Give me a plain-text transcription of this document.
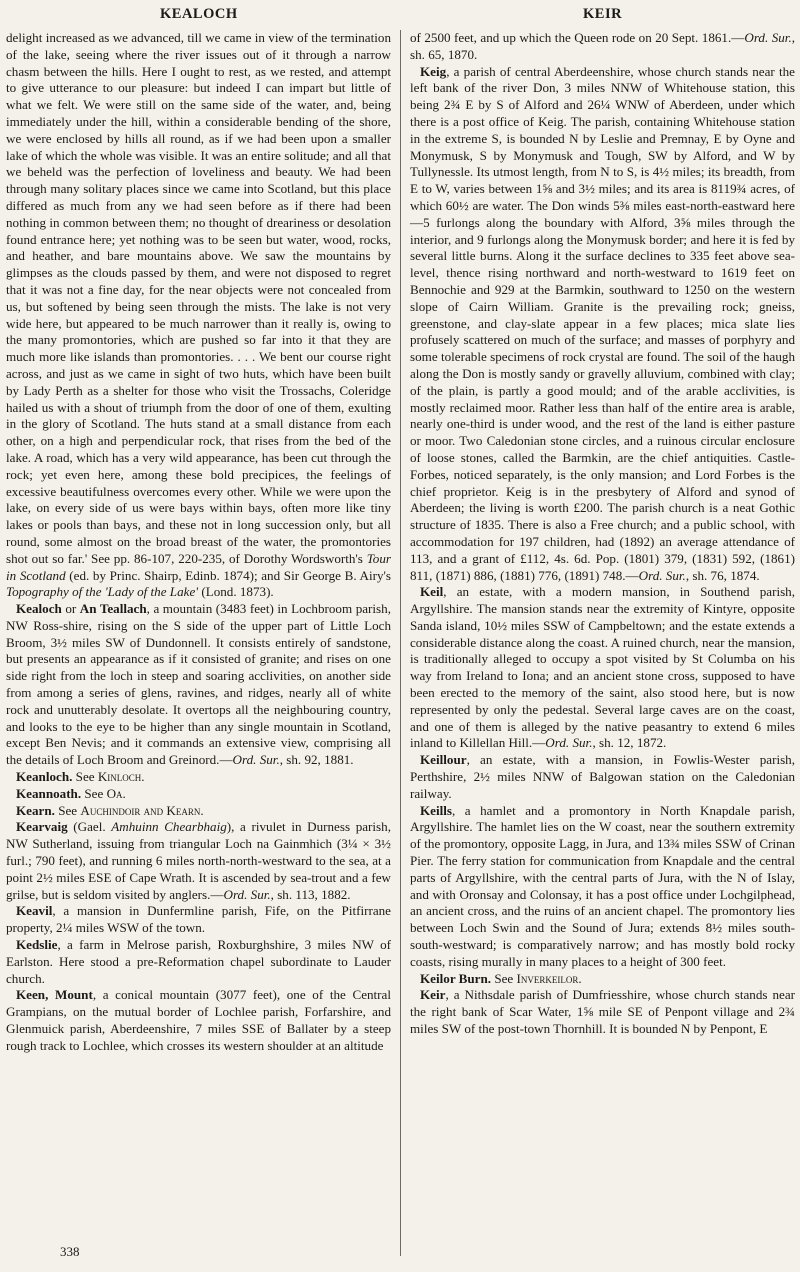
KEALOCH	KEIR

delight increased as we advanced, till we came in view of the termination of the lake, seeing where the river issues out of it through a narrow chasm between the hills. Here I ought to rest, as we rested, and attempt to give utterance to our pleasure: but indeed I can impart but little of what we felt. We were still on the same side of the water, and, being immediately under the hill, within a considerable bending of the shore, we were enclosed by hills all round, as if we had been upon a smaller lake of which the whole was visible. It was an entire solitude; and all that we beheld was the perfection of loveliness and beauty. We had been through many solitary places since we came into Scotland, but this place differed as much from any we had seen before as if there had been nothing in common between them; no thought of dreariness or desolation found entrance here; yet nothing was to be seen but water, wood, rocks, and heather, and bare mountains above. We saw the mountains by glimpses as the clouds passed by them, and were not disposed to regret that it was not a fine day, for the near objects were not concealed from us, but softened by being seen through the mists. The lake is not very wide here, but appeared to be much narrower than it really is, owing to the many promontories, which are pushed so far into it that they are much more like islands than promontories. . . . We bent our course right across, and just as we came in sight of two huts, which have been built by Lady Perth as a shelter for those who visit the Trossachs, Coleridge hailed us with a shout of triumph from the door of one of them, exulting in the glory of Scotland. The huts stand at a small distance from each other, on a high and perpendicular rock, that rises from the bed of the lake. A road, which has a very wild appearance, has been cut through the rock; yet even here, among these bold precipices, the feelings of excessive beautifulness overcomes every other. While we were upon the lake, on every side of us were bays within bays, often more like tiny lakes or pools than bays, and these not in long succession only, but all round, some almost on the broad breast of the water, the promontories shot out so far.' See pp. 86-107, 220-235, of Dorothy Wordsworth's Tour in Scotland (ed. by Princ. Shairp, Edinb. 1874); and Sir George B. Airy's Topography of the 'Lady of the Lake' (Lond. 1873).

Kealoch or An Teallach, a mountain (3483 feet) in Lochbroom parish, NW Ross-shire, rising on the S side of the upper part of Little Loch Broom, 3½ miles SW of Dundonnell. It consists entirely of sandstone, but presents an appearance as if it consisted of granite; and rises on one side right from the loch in steep and soaring acclivities, on another side from among a series of glens, ravines, and ridges, nearly all of white rock and unutterably desolate. It overtops all the neighbouring country, and looks to the eye to be higher than any single mountain in Scotland, except Ben Nevis; and it commands an extensive view, comprising all the details of Loch Broom and Greinord.—Ord. Sur., sh. 92, 1881.

Keanloch. See Kinloch.

Keannoath. See Oa.

Kearn. See Auchindoir and Kearn.

Kearvaig (Gael. Amhuinn Chearbhaig), a rivulet in Durness parish, NW Sutherland, issuing from triangular Loch na Gainmhich (3¼ × 3½ furl.; 790 feet), and running 6 miles north-north-westward to the sea, at a point 2½ miles ESE of Cape Wrath. It is ascended by sea-trout and a few grilse, but is seldom visited by anglers.—Ord. Sur., sh. 113, 1882.

Keavil, a mansion in Dunfermline parish, Fife, on the Pitfirrane property, 2¼ miles WSW of the town.

Kedslie, a farm in Melrose parish, Roxburghshire, 3 miles NW of Earlston. Here stood a pre-Reformation chapel subordinate to Lauder church.

Keen, Mount, a conical mountain (3077 feet), one of the Central Grampians, on the mutual border of Lochlee parish, Forfarshire, and Glenmuick parish, Aberdeenshire, 7 miles SSE of Ballater by a steep rough track to Lochlee, which crosses its western shoulder at an altitude

of 2500 feet, and up which the Queen rode on 20 Sept. 1861.—Ord. Sur., sh. 65, 1870.

Keig, a parish of central Aberdeenshire, whose church stands near the left bank of the river Don, 3 miles NNW of Whitehouse station, this being 2¾ E by S of Alford and 26¼ WNW of Aberdeen, under which there is a post office of Keig. The parish, containing Whitehouse station in the extreme S, is bounded N by Leslie and Premnay, E by Oyne and Monymusk, S by Monymusk and Tough, SW by Alford, and W by Tullynessle. Its utmost length, from N to S, is 4½ miles; its breadth, from E to W, varies between 1⅝ and 3½ miles; and its area is 8119¾ acres, of which 60½ are water. The Don winds 5⅜ miles east-north-eastward here—5 furlongs along the boundary with Alford, 3⅝ miles through the interior, and 9 furlongs along the Monymusk border; and here it is fed by several little burns. Along it the surface declines to 335 feet above sea-level, thence rising northward and north-westward to 1619 feet on Bennochie and 929 at the Barmkin, southward to 1250 on the western slope of Cairn William. Granite is the prevailing rock; gneiss, greenstone, and clay-slate appear in a few places; mica slate lies profusely scattered on much of the surface; and masses of porphyry and some tolerable specimens of rock crystal are found. The soil of the haugh along the Don is mostly sandy or gravelly alluvium, combined with clay; of the plain, is partly a good mould; and of the arable acclivities, is mostly reclaimed moor. Rather less than half of the entire area is arable, nearly one-third is under wood, and the rest of the land is either pasture or moor. Two Caledonian stone circles, and a ruinous circular enclosure of loose stones, called the Barmkin, are the chief antiquities. Castle-Forbes, noticed separately, is the only mansion; and Lord Forbes is the chief proprietor. Keig is in the presbytery of Alford and synod of Aberdeen; the living is worth £200. The parish church is a neat Gothic structure of 1835. There is also a Free church; and a public school, with accommodation for 197 children, had (1892) an average attendance of 113, and a grant of £112, 4s. 6d. Pop. (1801) 379, (1831) 592, (1861) 811, (1871) 886, (1881) 776, (1891) 748.—Ord. Sur., sh. 76, 1874.

Keil, an estate, with a modern mansion, in Southend parish, Argyllshire. The mansion stands near the extremity of Kintyre, opposite Sanda island, 10½ miles SSW of Campbeltown; and the estate extends a considerable distance along the coast. A ruined church, near the mansion, is traditionally alleged to occupy a spot visited by St Columba on his way from Ireland to Iona; and an ancient stone cross, supposed to have been erected to the memory of the saint, also stood here, but is now represented by only the pedestal. Several large caves are on the coast, and one of them is alleged by the native peasantry to extend 6 miles inland to Killellan Hill.—Ord. Sur., sh. 12, 1872.

Keillour, an estate, with a mansion, in Fowlis-Wester parish, Perthshire, 2½ miles NNW of Balgowan station on the Caledonian railway.

Keills, a hamlet and a promontory in North Knapdale parish, Argyllshire. The hamlet lies on the W coast, near the southern extremity of the promontory, opposite Lagg, in Jura, and 13¾ miles SSW of Crinan Pier. The ferry station for communication from Knapdale and the central parts of Argyllshire, with the central parts of Jura, with the N of Islay, and with Oronsay and Colonsay, it has a post office under Lochgilphead, an ancient cross, and the ruins of an ancient chapel. The promontory lies between Loch Swin and the Sound of Jura; extends 8½ miles south-south-westward; is comparatively narrow; and has mostly bold rocky coasts, rising murally in many places to a height of 300 feet.

Keilor Burn. See Inverkeilor.

Keir, a Nithsdale parish of Dumfriesshire, whose church stands near the right bank of Scar Water, 1⅝ mile SE of Penpont village and 2¾ miles SW of the post-town Thornhill. It is bounded N by Penpont, E

338
